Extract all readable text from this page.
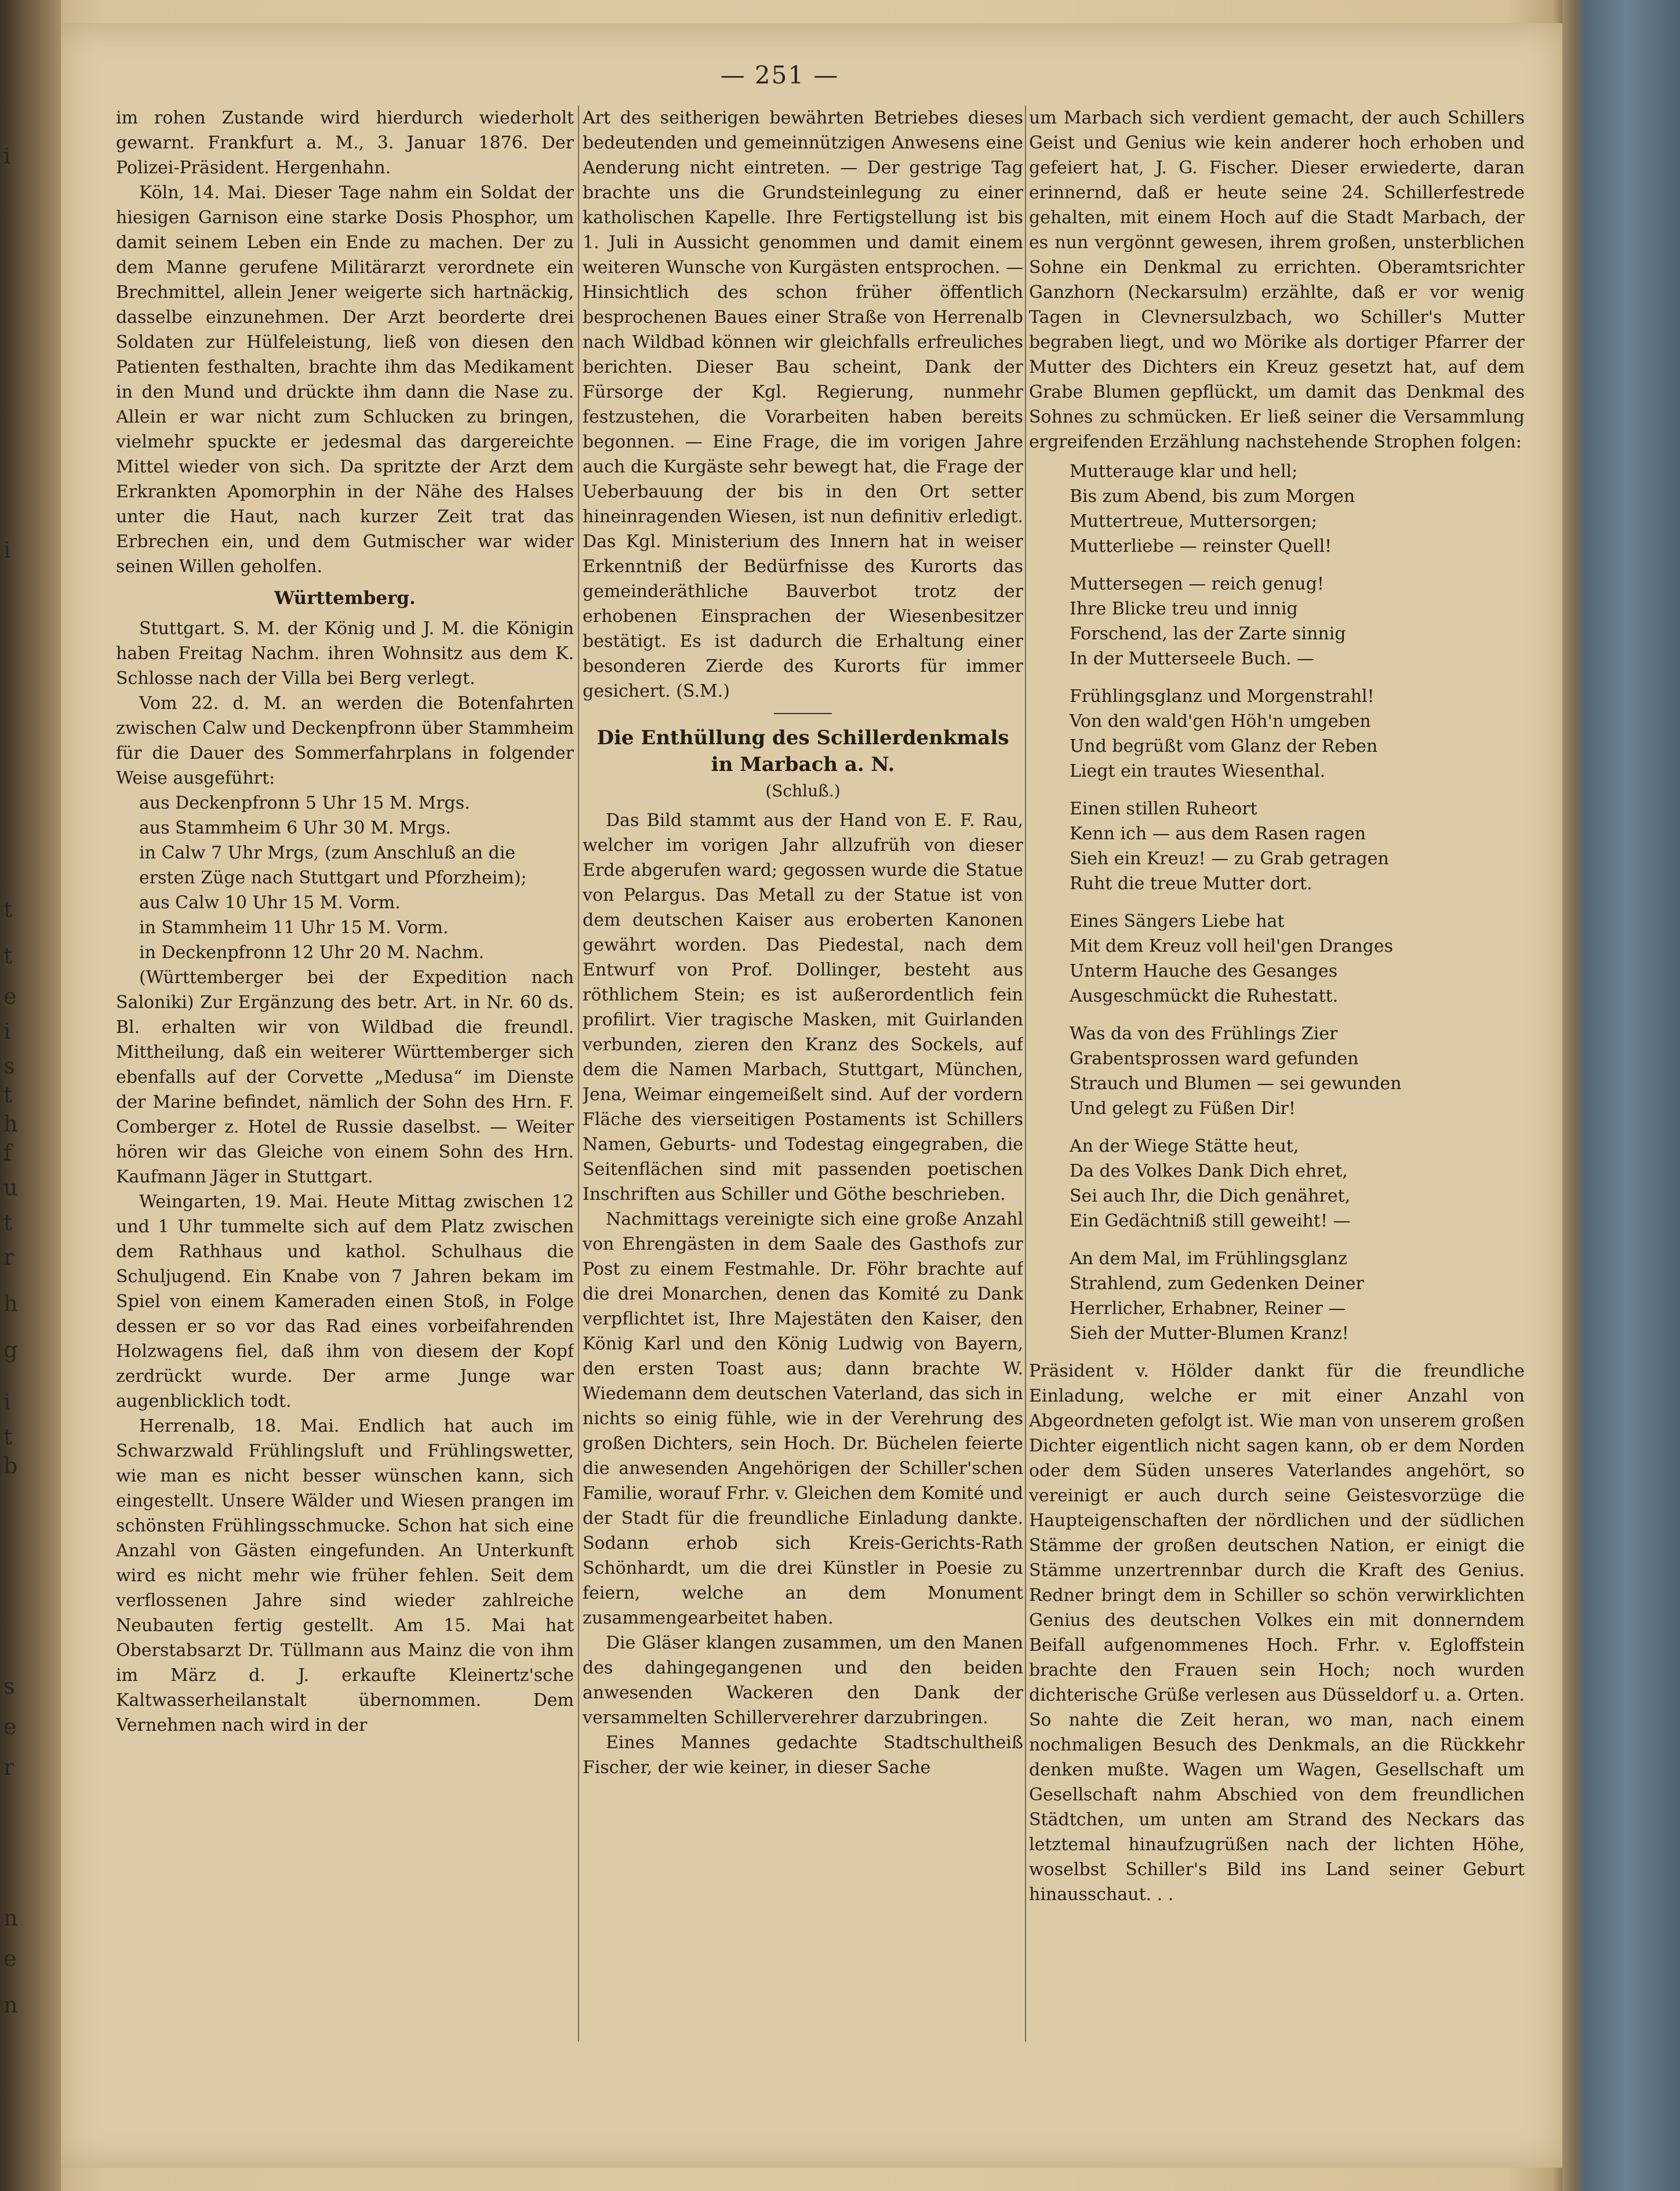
i
i
t
t
e
i
s
t
h
f
u
t
r
h
g
i
t
b
s
e
r
n
e
n
— 251 —

im rohen Zustande wird hierdurch wiederholt gewarnt. Frankfurt a. M., 3. Januar 1876. Der Polizei-Präsident. Hergenhahn.

Köln, 14. Mai. Dieser Tage nahm ein Soldat der hiesigen Garnison eine starke Dosis Phosphor, um damit seinem Leben ein Ende zu machen. Der zu dem Manne gerufene Militärarzt verordnete ein Brechmittel, allein Jener weigerte sich hartnäckig, dasselbe einzunehmen. Der Arzt beorderte drei Soldaten zur Hülfeleistung, ließ von diesen den Patienten festhalten, brachte ihm das Medikament in den Mund und drückte ihm dann die Nase zu. Allein er war nicht zum Schlucken zu bringen, vielmehr spuckte er jedesmal das dargereichte Mittel wieder von sich. Da spritzte der Arzt dem Erkrankten Apomorphin in der Nähe des Halses unter die Haut, nach kurzer Zeit trat das Erbrechen ein, und dem Gutmischer war wider seinen Willen geholfen.

Württemberg.

Stuttgart. S. M. der König und J. M. die Königin haben Freitag Nachm. ihren Wohnsitz aus dem K. Schlosse nach der Villa bei Berg verlegt.

Vom 22. d. M. an werden die Botenfahrten zwischen Calw und Deckenpfronn über Stammheim für die Dauer des Sommerfahrplans in folgender Weise ausgeführt:

aus Deckenpfronn 5 Uhr 15 M. Mrgs.
aus Stammheim 6 Uhr 30 M. Mrgs.
in Calw 7 Uhr Mrgs, (zum Anschluß an die ersten Züge nach Stuttgart und Pforzheim);
aus Calw 10 Uhr 15 M. Vorm.
in Stammheim 11 Uhr 15 M. Vorm.
in Deckenpfronn 12 Uhr 20 M. Nachm.

(Württemberger bei der Expedition nach Saloniki) Zur Ergänzung des betr. Art. in Nr. 60 ds. Bl. erhalten wir von Wildbad die freundl. Mittheilung, daß ein weiterer Württemberger sich ebenfalls auf der Corvette „Medusa“ im Dienste der Marine befindet, nämlich der Sohn des Hrn. F. Comberger z. Hotel de Russie daselbst. — Weiter hören wir das Gleiche von einem Sohn des Hrn. Kaufmann Jäger in Stuttgart.

Weingarten, 19. Mai. Heute Mittag zwischen 12 und 1 Uhr tummelte sich auf dem Platz zwischen dem Rathhaus und kathol. Schulhaus die Schuljugend. Ein Knabe von 7 Jahren bekam im Spiel von einem Kameraden einen Stoß, in Folge dessen er so vor das Rad eines vorbeifahrenden Holzwagens fiel, daß ihm von diesem der Kopf zerdrückt wurde. Der arme Junge war augenblicklich todt.

Herrenalb, 18. Mai. Endlich hat auch im Schwarzwald Frühlingsluft und Frühlingswetter, wie man es nicht besser wünschen kann, sich eingestellt. Unsere Wälder und Wiesen prangen im schönsten Frühlingsschmucke. Schon hat sich eine Anzahl von Gästen eingefunden. An Unterkunft wird es nicht mehr wie früher fehlen. Seit dem verflossenen Jahre sind wieder zahlreiche Neubauten fertig gestellt. Am 15. Mai hat Oberstabsarzt Dr. Tüllmann aus Mainz die von ihm im März d. J. erkaufte Kleinertz'sche Kaltwasserheilanstalt übernommen. Dem Vernehmen nach wird in der

Art des seitherigen bewährten Betriebes dieses bedeutenden und gemeinnützigen Anwesens eine Aenderung nicht eintreten. — Der gestrige Tag brachte uns die Grundsteinlegung zu einer katholischen Kapelle. Ihre Fertigstellung ist bis 1. Juli in Aussicht genommen und damit einem weiteren Wunsche von Kurgästen entsprochen. — Hinsichtlich des schon früher öffentlich besprochenen Baues einer Straße von Herrenalb nach Wildbad können wir gleichfalls erfreuliches berichten. Dieser Bau scheint, Dank der Fürsorge der Kgl. Regierung, nunmehr festzustehen, die Vorarbeiten haben bereits begonnen. — Eine Frage, die im vorigen Jahre auch die Kurgäste sehr bewegt hat, die Frage der Ueberbauung der bis in den Ort setter hineinragenden Wiesen, ist nun definitiv erledigt. Das Kgl. Ministerium des Innern hat in weiser Erkenntniß der Bedürfnisse des Kurorts das gemeinderäthliche Bauverbot trotz der erhobenen Einsprachen der Wiesenbesitzer bestätigt. Es ist dadurch die Erhaltung einer besonderen Zierde des Kurorts für immer gesichert. (S.M.)

Die Enthüllung des Schillerdenkmals in Marbach a. N.
(Schluß.)

Das Bild stammt aus der Hand von E. F. Rau, welcher im vorigen Jahr allzufrüh von dieser Erde abgerufen ward; gegossen wurde die Statue von Pelargus. Das Metall zu der Statue ist von dem deutschen Kaiser aus eroberten Kanonen gewährt worden. Das Piedestal, nach dem Entwurf von Prof. Dollinger, besteht aus röthlichem Stein; es ist außerordentlich fein profilirt. Vier tragische Masken, mit Guirlanden verbunden, zieren den Kranz des Sockels, auf dem die Namen Marbach, Stuttgart, München, Jena, Weimar eingemeißelt sind. Auf der vordern Fläche des vierseitigen Postaments ist Schillers Namen, Geburts- und Todestag eingegraben, die Seitenflächen sind mit passenden poetischen Inschriften aus Schiller und Göthe beschrieben.

Nachmittags vereinigte sich eine große Anzahl von Ehrengästen in dem Saale des Gasthofs zur Post zu einem Festmahle. Dr. Föhr brachte auf die drei Monarchen, denen das Komité zu Dank verpflichtet ist, Ihre Majestäten den Kaiser, den König Karl und den König Ludwig von Bayern, den ersten Toast aus; dann brachte W. Wiedemann dem deutschen Vaterland, das sich in nichts so einig fühle, wie in der Verehrung des großen Dichters, sein Hoch. Dr. Büchelen feierte die anwesenden Angehörigen der Schiller'schen Familie, worauf Frhr. v. Gleichen dem Komité und der Stadt für die freundliche Einladung dankte. Sodann erhob sich Kreis-Gerichts-Rath Schönhardt, um die drei Künstler in Poesie zu feiern, welche an dem Monument zusammengearbeitet haben.

Die Gläser klangen zusammen, um den Manen des dahingegangenen und den beiden anwesenden Wackeren den Dank der versammelten Schillerverehrer darzubringen.

Eines Mannes gedachte Stadtschultheiß Fischer, der wie keiner, in dieser Sache

um Marbach sich verdient gemacht, der auch Schillers Geist und Genius wie kein anderer hoch erhoben und gefeiert hat, J. G. Fischer. Dieser erwiederte, daran erinnernd, daß er heute seine 24. Schillerfestrede gehalten, mit einem Hoch auf die Stadt Marbach, der es nun vergönnt gewesen, ihrem großen, unsterblichen Sohne ein Denkmal zu errichten. Oberamtsrichter Ganzhorn (Neckarsulm) erzählte, daß er vor wenig Tagen in Clevnersulzbach, wo Schiller's Mutter begraben liegt, und wo Mörike als dortiger Pfarrer der Mutter des Dichters ein Kreuz gesetzt hat, auf dem Grabe Blumen gepflückt, um damit das Denkmal des Sohnes zu schmücken. Er ließ seiner die Versammlung ergreifenden Erzählung nachstehende Strophen folgen:

Mutterauge klar und hell;

Bis zum Abend, bis zum Morgen

Muttertreue, Muttersorgen;

Mutterliebe — reinster Quell!

Muttersegen — reich genug!

Ihre Blicke treu und innig

Forschend, las der Zarte sinnig

In der Mutterseele Buch. —

Frühlingsglanz und Morgenstrahl!

Von den wald'gen Höh'n umgeben

Und begrüßt vom Glanz der Reben

Liegt ein trautes Wiesenthal.

Einen stillen Ruheort

Kenn ich — aus dem Rasen ragen

Sieh ein Kreuz! — zu Grab getragen

Ruht die treue Mutter dort.

Eines Sängers Liebe hat

Mit dem Kreuz voll heil'gen Dranges

Unterm Hauche des Gesanges

Ausgeschmückt die Ruhestatt.

Was da von des Frühlings Zier

Grabentsprossen ward gefunden

Strauch und Blumen — sei gewunden

Und gelegt zu Füßen Dir!

An der Wiege Stätte heut,

Da des Volkes Dank Dich ehret,

Sei auch Ihr, die Dich genähret,

Ein Gedächtniß still geweiht! —

An dem Mal, im Frühlingsglanz

Strahlend, zum Gedenken Deiner

Herrlicher, Erhabner, Reiner —

Sieh der Mutter-Blumen Kranz!

Präsident v. Hölder dankt für die freundliche Einladung, welche er mit einer Anzahl von Abgeordneten gefolgt ist. Wie man von unserem großen Dichter eigentlich nicht sagen kann, ob er dem Norden oder dem Süden unseres Vaterlandes angehört, so vereinigt er auch durch seine Geistesvorzüge die Haupteigenschaften der nördlichen und der südlichen Stämme der großen deutschen Nation, er einigt die Stämme unzertrennbar durch die Kraft des Genius. Redner bringt dem in Schiller so schön verwirklichten Genius des deutschen Volkes ein mit donnerndem Beifall aufgenommenes Hoch. Frhr. v. Egloffstein brachte den Frauen sein Hoch; noch wurden dichterische Grüße verlesen aus Düsseldorf u. a. Orten. So nahte die Zeit heran, wo man, nach einem nochmaligen Besuch des Denkmals, an die Rückkehr denken mußte. Wagen um Wagen, Gesellschaft um Gesellschaft nahm Abschied von dem freundlichen Städtchen, um unten am Strand des Neckars das letztemal hinaufzugrüßen nach der lichten Höhe, woselbst Schiller's Bild ins Land seiner Geburt hinausschaut. . .
